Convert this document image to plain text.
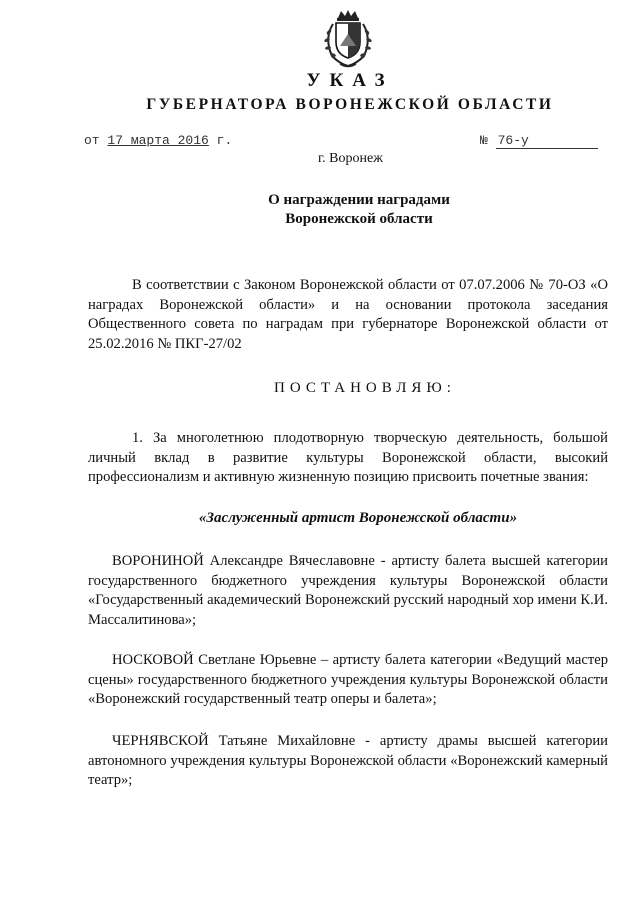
УКАЗ
ГУБЕРНАТОРА ВОРОНЕЖСКОЙ ОБЛАСТИ
от 17 марта 2016 г.	№ 76-у
г. Воронеж
О награждении наградами
Воронежской области
В соответствии с Законом Воронежской области от 07.07.2006 № 70-ОЗ «О наградах Воронежской области» и на основании протокола заседания Общественного совета по наградам при губернаторе Воронежской области от 25.02.2016 № ПКГ-27/02
ПОСТАНОВЛЯЮ:
1. За многолетнюю плодотворную творческую деятельность, большой личный вклад в развитие культуры Воронежской области, высокий профессионализм и активную жизненную позицию присвоить почетные звания:
«Заслуженный артист Воронежской области»
ВОРОНИНОЙ Александре Вячеславовне - артисту балета высшей категории государственного бюджетного учреждения культуры Воронежской области «Государственный академический Воронежский русский народный хор имени К.И. Массалитинова»;
НОСКОВОЙ Светлане Юрьевне – артисту балета категории «Ведущий мастер сцены» государственного бюджетного учреждения культуры Воронежской области «Воронежский государственный театр оперы и балета»;
ЧЕРНЯВСКОЙ Татьяне Михайловне - артисту драмы высшей категории автономного учреждения культуры Воронежской области «Воронежский камерный театр»;
